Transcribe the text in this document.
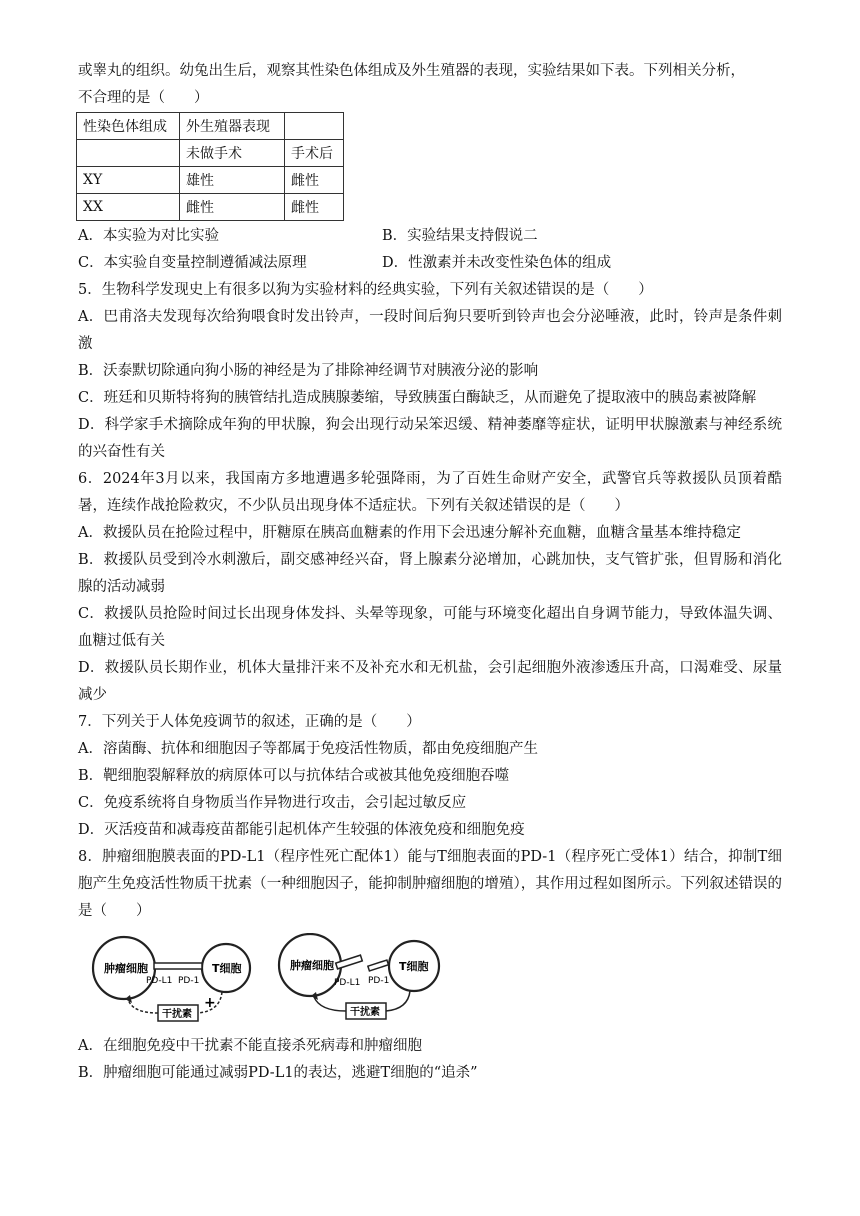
或睾丸的组织。幼兔出生后，观察其性染色体组成及外生殖器的表现，实验结果如下表。下列相关分析，

不合理的是（　　）

性染色体组成	外生殖器表现	
	未做手术	手术后
XY	雄性	雌性
XX	雌性	雌性
A．本实验为对比实验	B．实验结果支持假说二
C．本实验自变量控制遵循减法原理	D．性激素并未改变性染色体的组成

5．生物科学发现史上有很多以狗为实验材料的经典实验，下列有关叙述错误的是（　　）

A．巴甫洛夫发现每次给狗喂食时发出铃声，一段时间后狗只要听到铃声也会分泌唾液，此时，铃声是条件刺激

B．沃泰默切除通向狗小肠的神经是为了排除神经调节对胰液分泌的影响

C．班廷和贝斯特将狗的胰管结扎造成胰腺萎缩，导致胰蛋白酶缺乏，从而避免了提取液中的胰岛素被降解

D．科学家手术摘除成年狗的甲状腺，狗会出现行动呆笨迟缓、精神萎靡等症状，证明甲状腺激素与神经系统的兴奋性有关

6．2024年3月以来，我国南方多地遭遇多轮强降雨，为了百姓生命财产安全，武警官兵等救援队员顶着酷暑，连续作战抢险救灾，不少队员出现身体不适症状。下列有关叙述错误的是（　　）

A．救援队员在抢险过程中，肝糖原在胰高血糖素的作用下会迅速分解补充血糖，血糖含量基本维持稳定

B．救援队员受到冷水刺激后，副交感神经兴奋，肾上腺素分泌增加，心跳加快，支气管扩张，但胃肠和消化腺的活动减弱

C．救援队员抢险时间过长出现身体发抖、头晕等现象，可能与环境变化超出自身调节能力，导致体温失调、血糖过低有关

D．救援队员长期作业，机体大量排汗来不及补充水和无机盐，会引起细胞外液渗透压升高，口渴难受、尿量减少

7．下列关于人体免疫调节的叙述，正确的是（　　）

A．溶菌酶、抗体和细胞因子等都属于免疫活性物质，都由免疫细胞产生

B．靶细胞裂解释放的病原体可以与抗体结合或被其他免疫细胞吞噬

C．免疫系统将自身物质当作异物进行攻击，会引起过敏反应

D．灭活疫苗和减毒疫苗都能引起机体产生较强的体液免疫和细胞免疫

8．肿瘤细胞膜表面的PD-L1（程序性死亡配体1）能与T细胞表面的PD-1（程序死亡受体1）结合，抑制T细胞产生免疫活性物质干扰素（一种细胞因子，能抑制肿瘤细胞的增殖），其作用过程如图所示。下列叙述错误的是（　　）

肿瘤细胞	T细胞
PD-L1 PD-1
干扰素
+
肿瘤细胞	T细胞
PD-L1 PD-1
干扰素

A．在细胞免疫中干扰素不能直接杀死病毒和肿瘤细胞

B．肿瘤细胞可能通过减弱PD-L1的表达，逃避T细胞的“追杀”
